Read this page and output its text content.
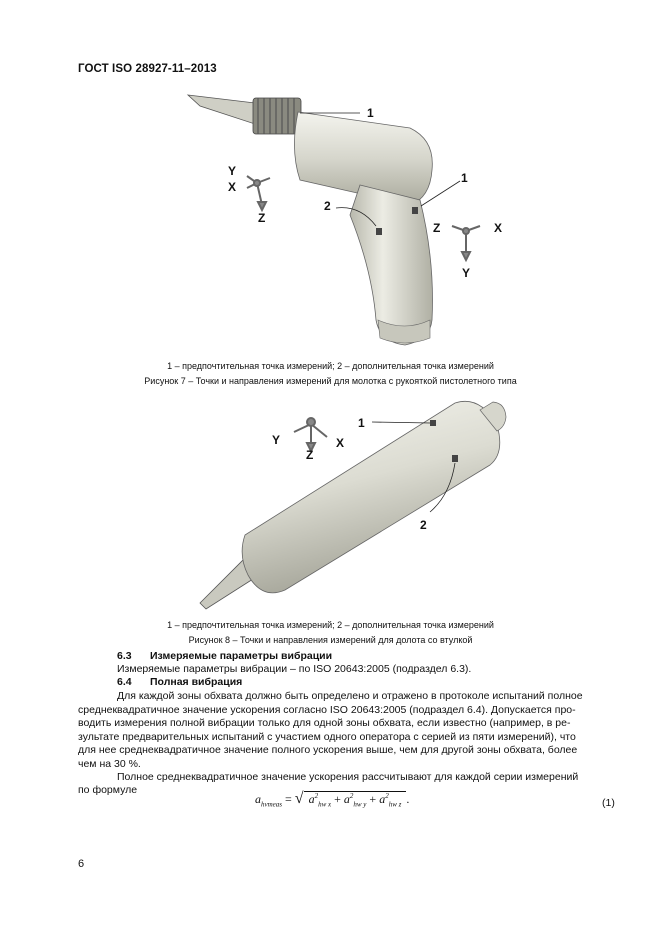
ГОСТ ISO 28927-11–2013
1
1
2
Y
X
Z
Z	X
Y
1 – предпочтительная точка измерений; 2 – дополнительная точка измерений
Рисунок 7 – Точки и направления измерений для молотка с рукояткой пистолетного типа
1
2
Y	X
Z
1 – предпочтительная точка измерений; 2 – дополнительная точка измерений
Рисунок 8 – Точки и направления измерений для долота со втулкой
6.3 Измеряемые параметры вибрации
Измеряемые параметры вибрации – по ISO 20643:2005 (подраздел 6.3).
6.4 Полная вибрация
Для каждой зоны обхвата должно быть определено и отражено в протоколе испытаний полное
среднеквадратичное значение ускорения согласно ISO 20643:2005 (подраздел 6.4). Допускается про-
водить измерения полной вибрации только для одной зоны обхвата, если известно (например, в ре-
зультате предварительных испытаний с участием одного оператора с серией из пяти измерений), что
для нее среднеквадратичное значение полного ускорения выше, чем для другой зоны обхвата, более
чем на 30 %.
Полное среднеквадратичное значение ускорения рассчитывают для каждой серии измерений
по формуле
$a_{hvmeas}$ = √ $a^2_{hw x} + a^2_{hw y} + a^2_{hw z}$ .	(1)
6
